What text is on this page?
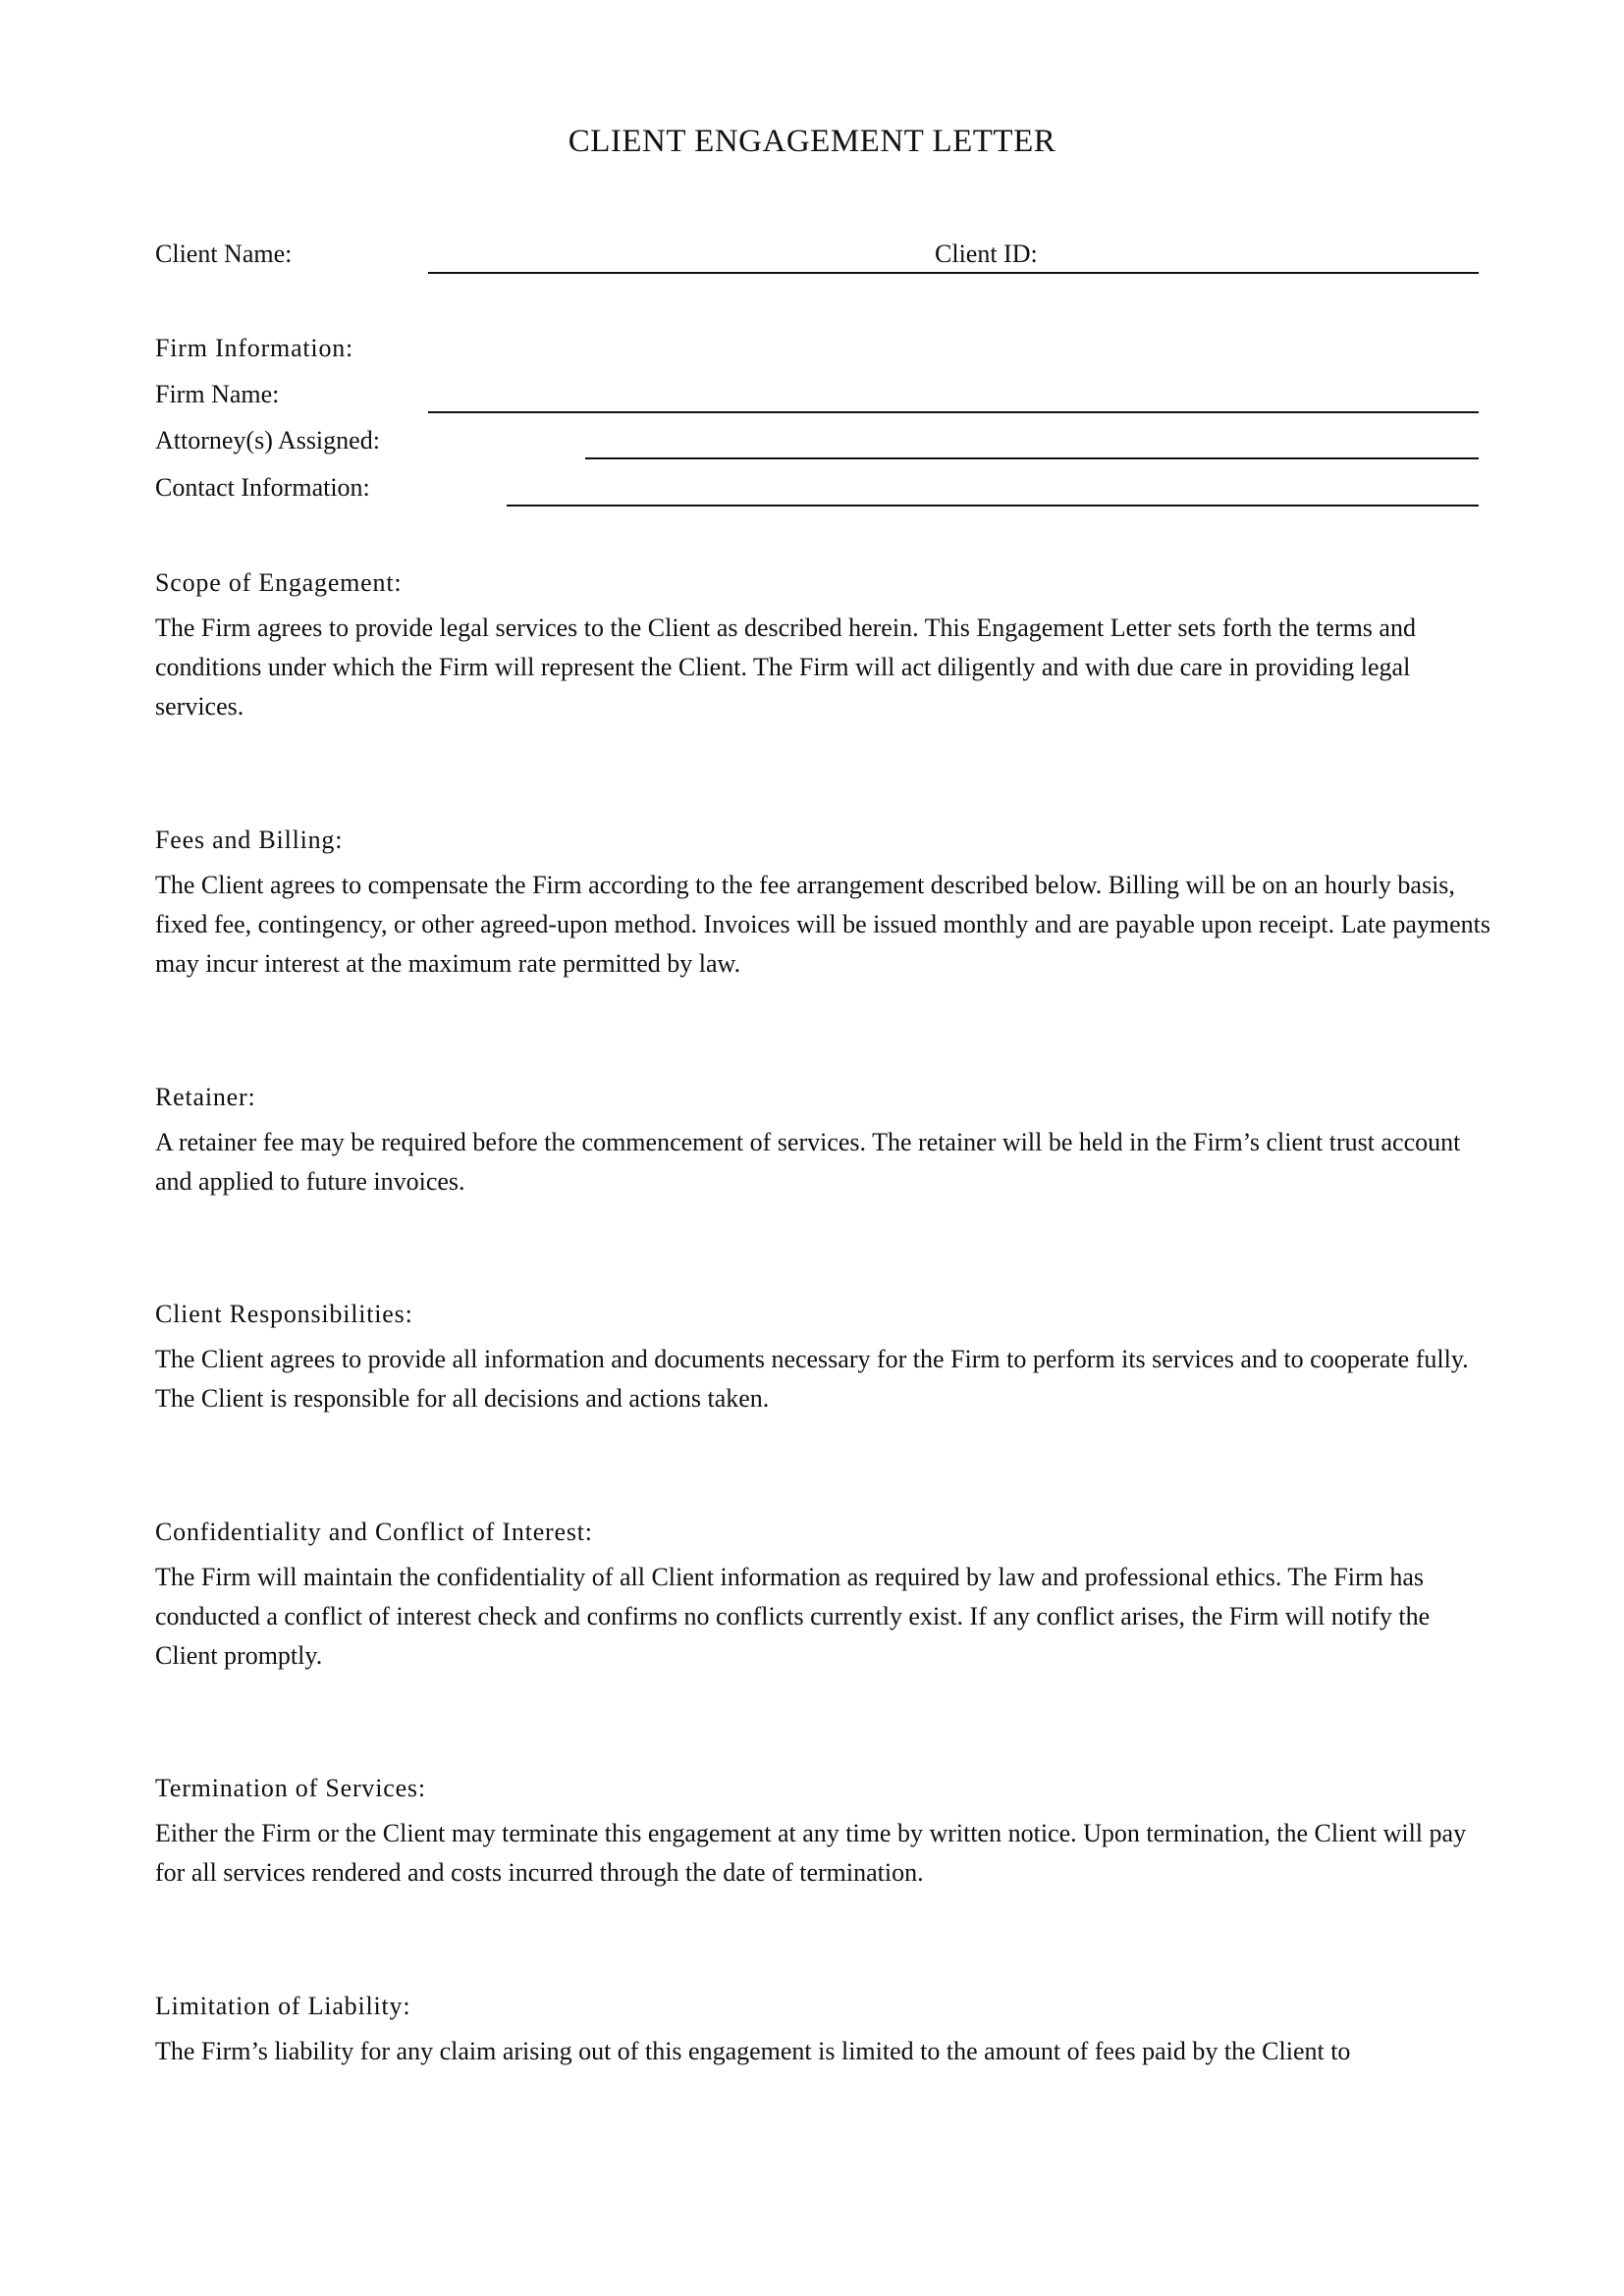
CLIENT ENGAGEMENT LETTER
Client Name:	Client ID:
Firm Information:
Firm Name:
Attorney(s) Assigned:
Contact Information:
Scope of Engagement:
The Firm agrees to provide legal services to the Client as described herein. This Engagement Letter sets forth the terms and conditions under which the Firm will represent the Client. The Firm will act diligently and with due care in providing legal services.
Fees and Billing:
The Client agrees to compensate the Firm according to the fee arrangement described below. Billing will be on an hourly basis, fixed fee, contingency, or other agreed-upon method. Invoices will be issued monthly and are payable upon receipt. Late payments may incur interest at the maximum rate permitted by law.
Retainer:
A retainer fee may be required before the commencement of services. The retainer will be held in the Firm’s client trust account and applied to future invoices.
Client Responsibilities:
The Client agrees to provide all information and documents necessary for the Firm to perform its services and to cooperate fully. The Client is responsible for all decisions and actions taken.
Confidentiality and Conflict of Interest:
The Firm will maintain the confidentiality of all Client information as required by law and professional ethics. The Firm has conducted a conflict of interest check and confirms no conflicts currently exist. If any conflict arises, the Firm will notify the Client promptly.
Termination of Services:
Either the Firm or the Client may terminate this engagement at any time by written notice. Upon termination, the Client will pay for all services rendered and costs incurred through the date of termination.
Limitation of Liability:
The Firm’s liability for any claim arising out of this engagement is limited to the amount of fees paid by the Client to
